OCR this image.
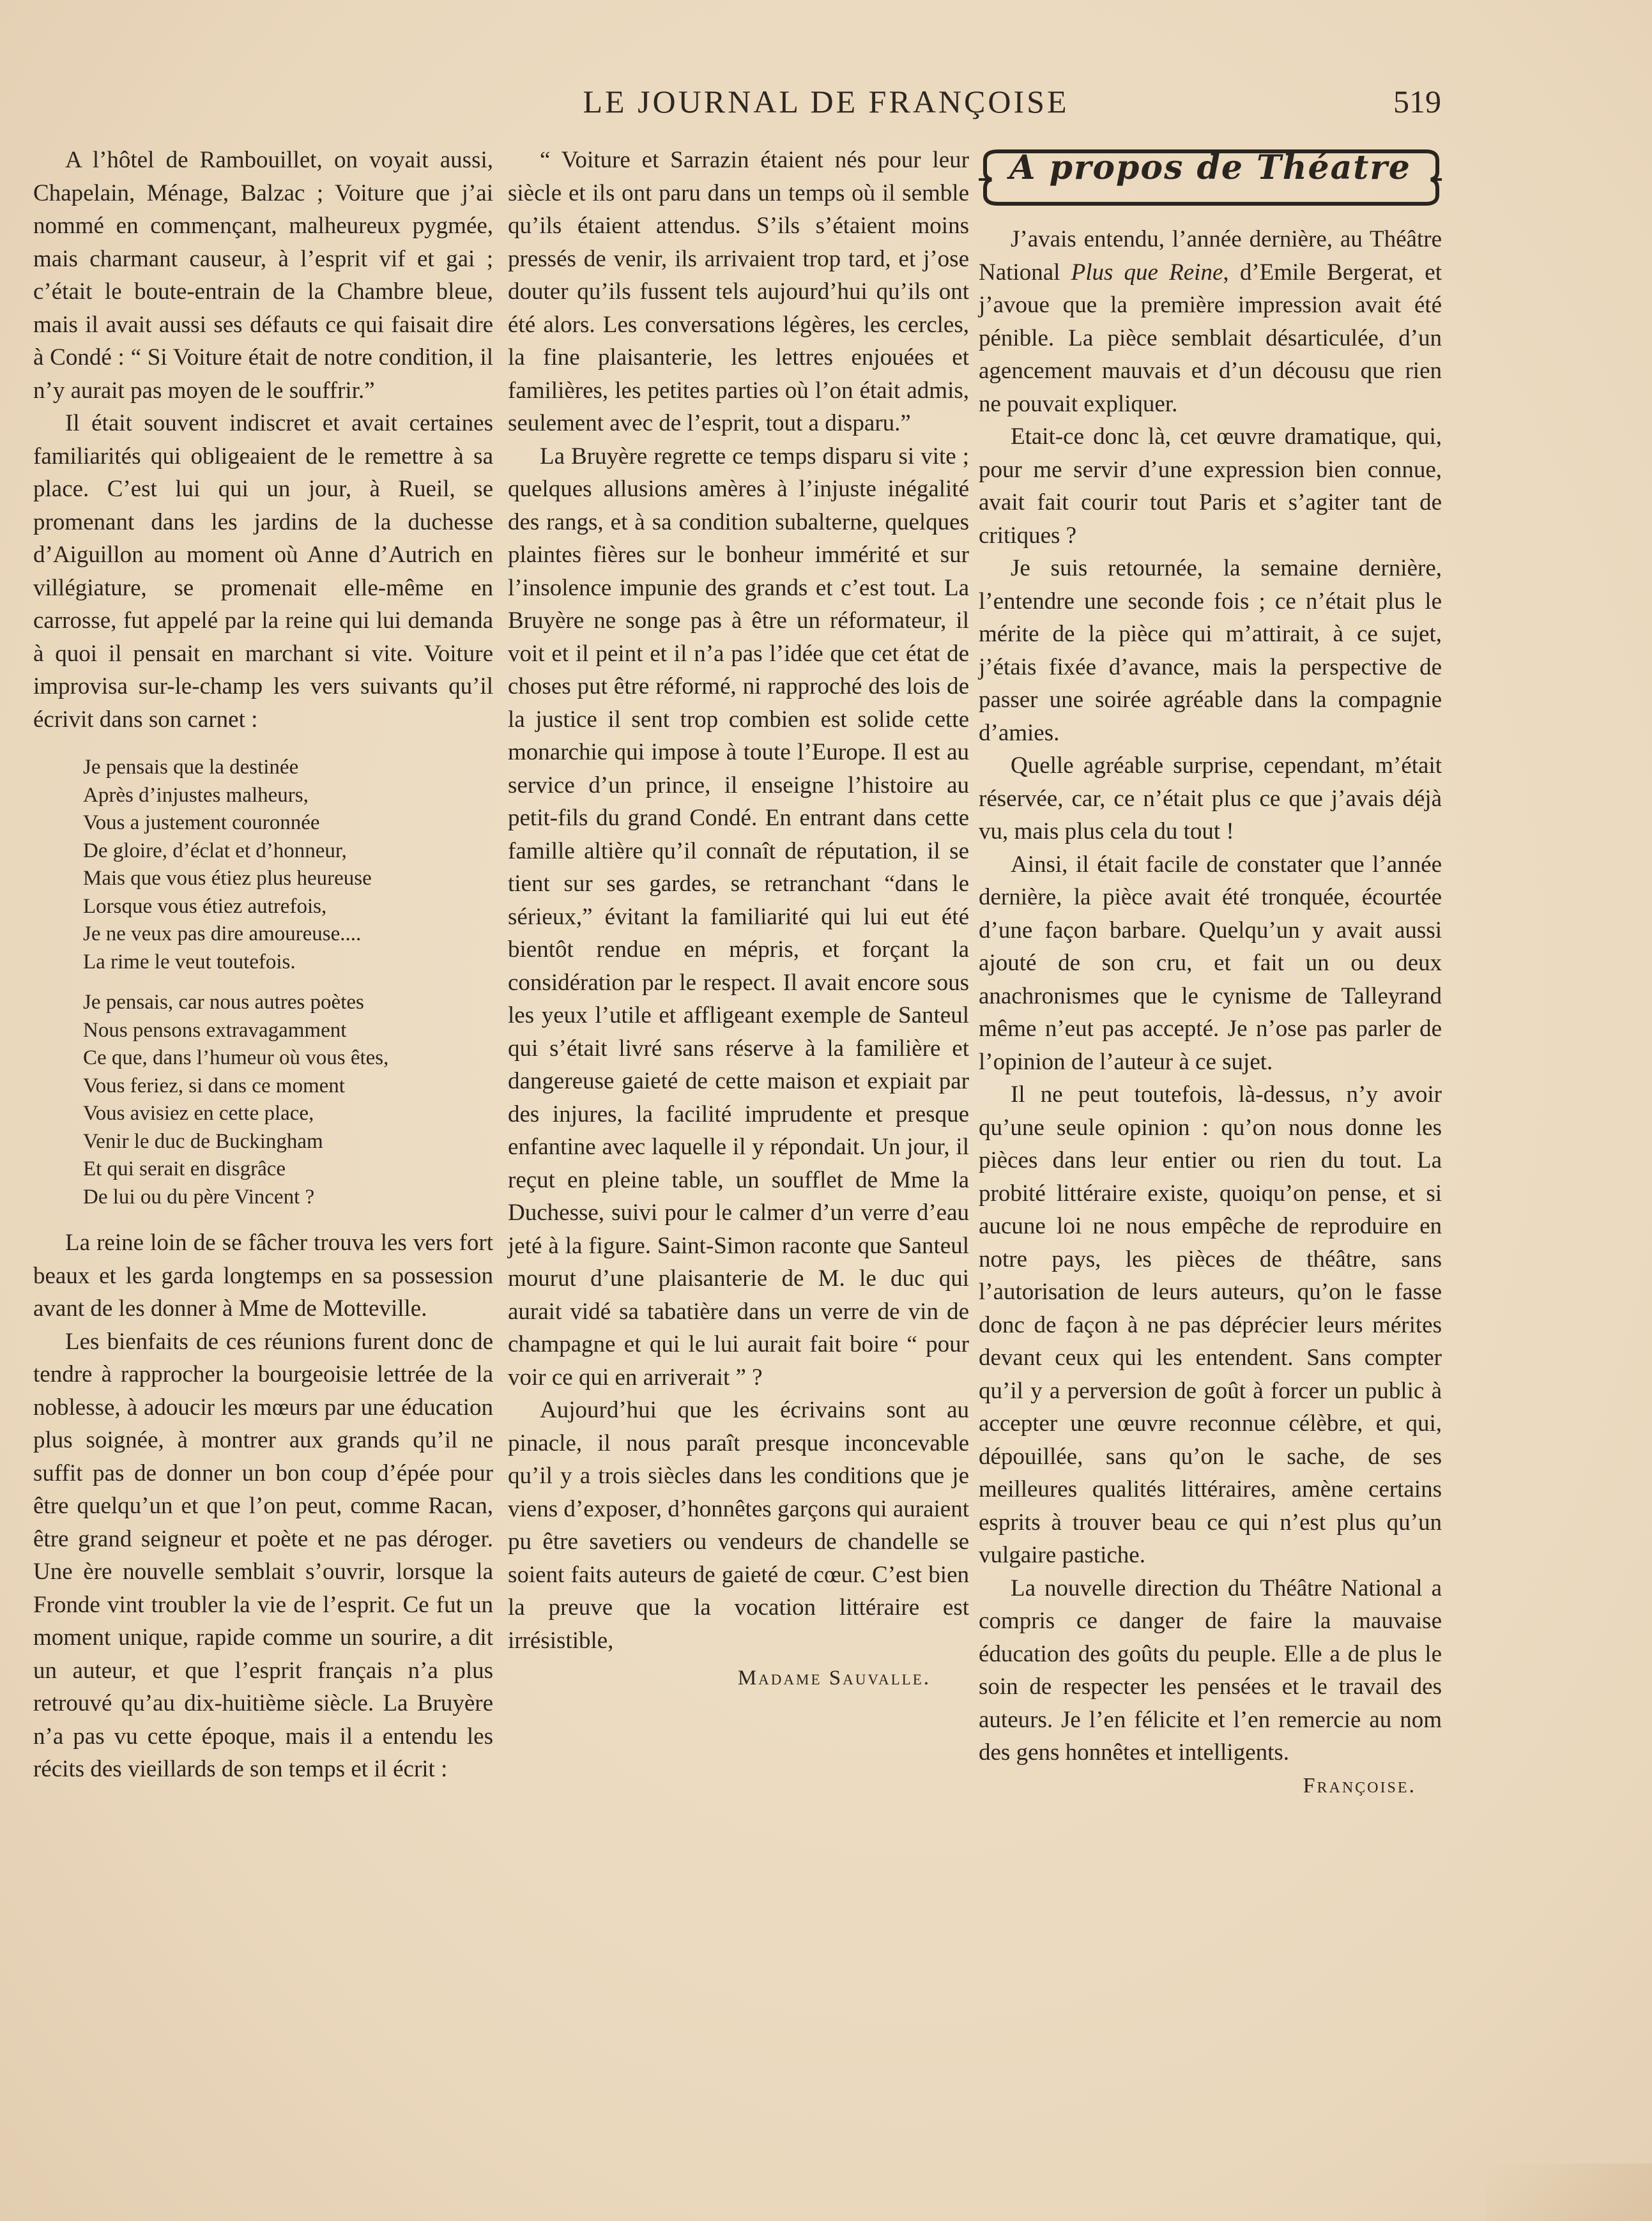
LE JOURNAL DE FRANÇOISE	519

A l’hôtel de Rambouillet, on voyait aussi, Chapelain, Ménage, Balzac ; Voiture que j’ai nommé en commençant, malheureux pygmée, mais charmant causeur, à l’esprit vif et gai ; c’était le boute-entrain de la Chambre bleue, mais il avait aussi ses défauts ce qui faisait dire à Condé : “ Si Voiture était de notre condition, il n’y aurait pas moyen de le souffrir.”

Il était souvent indiscret et avait certaines familiarités qui obligeaient de le remettre à sa place. C’est lui qui un jour, à Rueil, se promenant dans les jardins de la duchesse d’Aiguillon au moment où Anne d’Autrich en villégiature, se promenait elle-même en carrosse, fut appelé par la reine qui lui demanda à quoi il pensait en marchant si vite. Voiture improvisa sur-le-champ les vers suivants qu’il écrivit dans son carnet :

Je pensais que la destinée
Après d’injustes malheurs,
Vous a justement couronnée
De gloire, d’éclat et d’honneur,
Mais que vous étiez plus heureuse
Lorsque vous étiez autrefois,
Je ne veux pas dire amoureuse....
La rime le veut toutefois.
Je pensais, car nous autres poètes
Nous pensons extravagamment
Ce que, dans l’humeur où vous êtes,
Vous feriez, si dans ce moment
Vous avisiez en cette place,
Venir le duc de Buckingham
Et qui serait en disgrâce
De lui ou du père Vincent ?

La reine loin de se fâcher trouva les vers fort beaux et les garda longtemps en sa possession avant de les donner à Mme de Motteville.

Les bienfaits de ces réunions furent donc de tendre à rapprocher la bourgeoisie lettrée de la noblesse, à adoucir les mœurs par une éducation plus soignée, à montrer aux grands qu’il ne suffit pas de donner un bon coup d’épée pour être quelqu’un et que l’on peut, comme Racan, être grand seigneur et poète et ne pas déroger. Une ère nouvelle semblait s’ouvrir, lorsque la Fronde vint troubler la vie de l’esprit. Ce fut un moment unique, rapide comme un sourire, a dit un auteur, et que l’esprit français n’a plus retrouvé qu’au dix-huitième siècle. La Bruyère n’a pas vu cette époque, mais il a entendu les récits des vieillards de son temps et il écrit :

“ Voiture et Sarrazin étaient nés pour leur siècle et ils ont paru dans un temps où il semble qu’ils étaient attendus. S’ils s’étaient moins pressés de venir, ils arrivaient trop tard, et j’ose douter qu’ils fussent tels aujourd’hui qu’ils ont été alors. Les conversations légères, les cercles, la fine plaisanterie, les lettres enjouées et familières, les petites parties où l’on était admis, seulement avec de l’esprit, tout a disparu.”

La Bruyère regrette ce temps disparu si vite ; quelques allusions amères à l’injuste inégalité des rangs, et à sa condition subalterne, quelques plaintes fières sur le bonheur immérité et sur l’insolence impunie des grands et c’est tout. La Bruyère ne songe pas à être un réformateur, il voit et il peint et il n’a pas l’idée que cet état de choses put être réformé, ni rapproché des lois de la justice il sent trop combien est solide cette monarchie qui impose à toute l’Europe. Il est au service d’un prince, il enseigne l’histoire au petit-fils du grand Condé. En entrant dans cette famille altière qu’il connaît de réputation, il se tient sur ses gardes, se retranchant “dans le sérieux,” évitant la familiarité qui lui eut été bientôt rendue en mépris, et forçant la considération par le respect. Il avait encore sous les yeux l’utile et affligeant exemple de Santeul qui s’était livré sans réserve à la familière et dangereuse gaieté de cette maison et expiait par des injures, la facilité imprudente et presque enfantine avec laquelle il y répondait. Un jour, il reçut en pleine table, un soufflet de Mme la Duchesse, suivi pour le calmer d’un verre d’eau jeté à la figure. Saint-Simon raconte que Santeul mourut d’une plaisanterie de M. le duc qui aurait vidé sa tabatière dans un verre de vin de champagne et qui le lui aurait fait boire “ pour voir ce qui en arriverait ” ?

Aujourd’hui que les écrivains sont au pinacle, il nous paraît presque inconcevable qu’il y a trois siècles dans les conditions que je viens d’exposer, d’honnêtes garçons qui auraient pu être savetiers ou vendeurs de chandelle se soient faits auteurs de gaieté de cœur. C’est bien la preuve que la vocation littéraire est irrésistible,

Madame Sauvalle.
A propos de Théatre

J’avais entendu, l’année dernière, au Théâtre National Plus que Reine, d’Emile Bergerat, et j’avoue que la première impression avait été pénible. La pièce semblait désarticulée, d’un agencement mauvais et d’un décousu que rien ne pouvait expliquer.

Etait-ce donc là, cet œuvre dramatique, qui, pour me servir d’une expression bien connue, avait fait courir tout Paris et s’agiter tant de critiques ?

Je suis retournée, la semaine dernière, l’entendre une seconde fois ; ce n’était plus le mérite de la pièce qui m’attirait, à ce sujet, j’étais fixée d’avance, mais la perspective de passer une soirée agréable dans la compagnie d’amies.

Quelle agréable surprise, cependant, m’était réservée, car, ce n’était plus ce que j’avais déjà vu, mais plus cela du tout !

Ainsi, il était facile de constater que l’année dernière, la pièce avait été tronquée, écourtée d’une façon barbare. Quelqu’un y avait aussi ajouté de son cru, et fait un ou deux anachronismes que le cynisme de Talleyrand même n’eut pas accepté. Je n’ose pas parler de l’opinion de l’auteur à ce sujet.

Il ne peut toutefois, là-dessus, n’y avoir qu’une seule opinion : qu’on nous donne les pièces dans leur entier ou rien du tout. La probité littéraire existe, quoiqu’on pense, et si aucune loi ne nous empêche de reproduire en notre pays, les pièces de théâtre, sans l’autorisation de leurs auteurs, qu’on le fasse donc de façon à ne pas déprécier leurs mérites devant ceux qui les entendent. Sans compter qu’il y a perversion de goût à forcer un public à accepter une œuvre reconnue célèbre, et qui, dépouillée, sans qu’on le sache, de ses meilleures qualités littéraires, amène certains esprits à trouver beau ce qui n’est plus qu’un vulgaire pastiche.

La nouvelle direction du Théâtre National a compris ce danger de faire la mauvaise éducation des goûts du peuple. Elle a de plus le soin de respecter les pensées et le travail des auteurs. Je l’en félicite et l’en remercie au nom des gens honnêtes et intelligents.
Françoise.
